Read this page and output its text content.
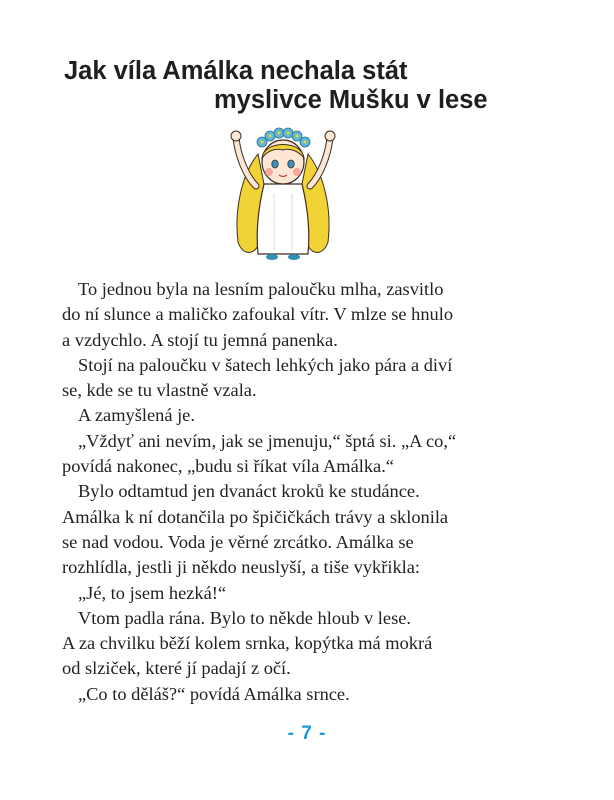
Jak víla Amálka nechala stát
myslivce Mušku v lese
To jednou byla na lesním paloučku mlha, zasvitlo
do ní slunce a maličko zafoukal vítr. V mlze se hnulo
a vzdychlo. A stojí tu jemná panenka.
Stojí na paloučku v šatech lehkých jako pára a diví
se, kde se tu vlastně vzala.
A zamyšlená je.
„Vždyť ani nevím, jak se jmenuju,“ šptá si. „A co,“
povídá nakonec, „budu si říkat víla Amálka.“
Bylo odtamtud jen dvanáct kroků ke studánce.
Amálka k ní dotančila po špičičkách trávy a sklonila
se nad vodou. Voda je věrné zrcátko. Amálka se
rozhlídla, jestli ji někdo neuslyší, a tiše vykřikla:
„Jé, to jsem hezká!“
Vtom padla rána. Bylo to někde hloub v lese.
A za chvilku běží kolem srnka, kopýtka má mokrá
od slziček, které jí padají z očí.
„Co to děláš?“ povídá Amálka srnce.
- 7 -
